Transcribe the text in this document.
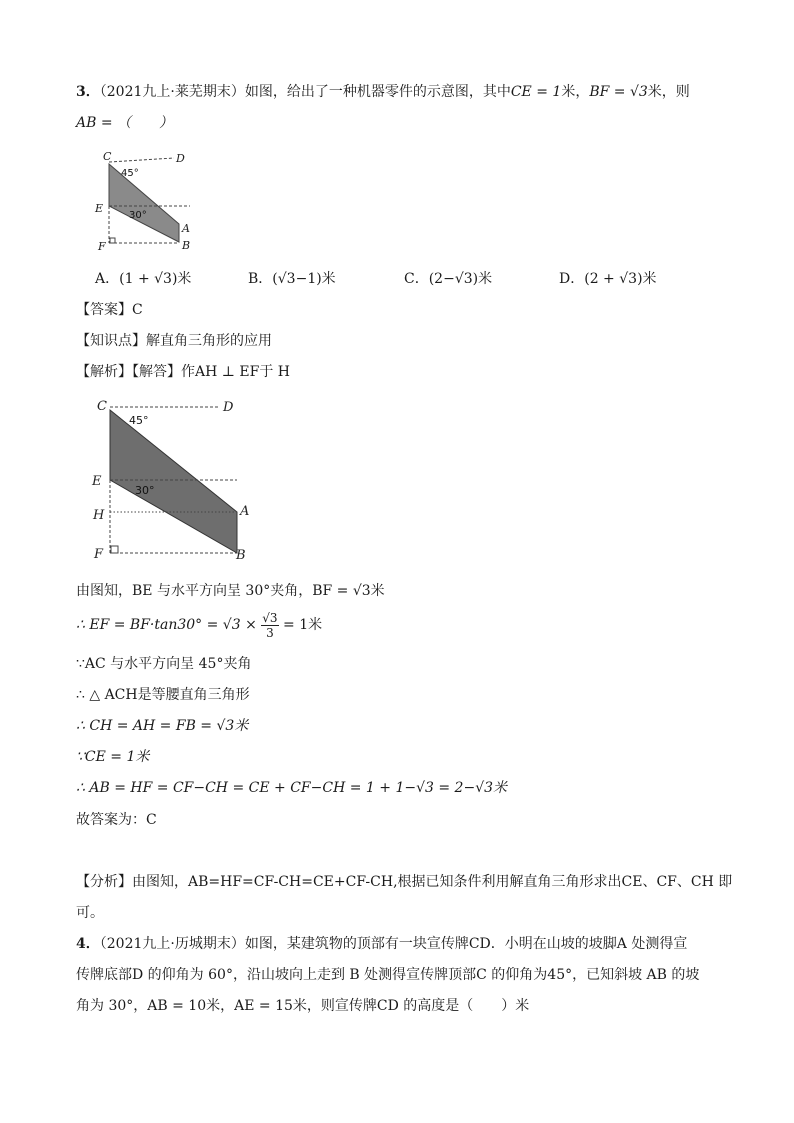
3．（2021九上·莱芜期末）如图，给出了一种机器零件的示意图，其中CE = 1米，BF = √3米，则
AB = （　　）
C	D
E
F
A
B
45°
30°
A．(1 + √3)米	B．(√3−1)米	C．(2−√3)米	D．(2 + √3)米
【答案】C
【知识点】解直角三角形的应用
【解析】【解答】作AH ⊥ EF于 H
C	D
E
H
F
A
B
45°
30°
由图知，BE 与水平方向呈 30°夹角，BF = √3米
∴ EF = $BF\cdot\tan 30^\circ = √3 \times \frac{√3}{3} = 1$米
∵AC 与水平方向呈 45°夹角
∴ △ ACH是等腰直角三角形
∴ CH = AH = FB = √3米
∵CE = 1米
∴ AB = HF = CF−CH = CE + CF−CH = 1 + 1−√3 = 2−√3米
故答案为：C
【分析】由图知，AB=HF=CF-CH=CE+CF-CH,根据已知条件利用解直角三角形求出CE、CF、CH 即
可。
4．（2021九上·历城期末）如图，某建筑物的顶部有一块宣传牌CD．小明在山坡的坡脚A 处测得宣
传牌底部D 的仰角为 60°，沿山坡向上走到 B 处测得宣传牌顶部C 的仰角为45°，已知斜坡 AB 的坡
角为 30°，AB = 10米，AE = 15米，则宣传牌CD 的高度是（　　）米
